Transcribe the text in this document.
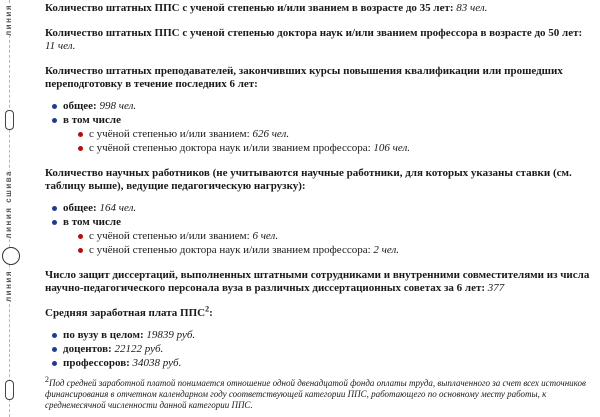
линия
линия сшива
линия
Количество штатных ППС с ученой степенью и/или званием в возрасте до 35 лет: 83 чел.
Количество штатных ППС с ученой степенью доктора наук и/или званием профессора в возрасте до 50 лет: 11 чел.
Количество штатных преподавателей, закончивших курсы повышения квалификации или прошедших переподготовку в течение последних 6 лет:
общее: 998 чел.
в том числе
с учёной степенью и/или званием: 626 чел.
с учёной степенью доктора наук и/или званием профессора: 106 чел.
Количество научных работников (не учитываются научные работники, для которых указаны ставки (см. таблицу выше), ведущие педагогическую нагрузку):
общее: 164 чел.
в том числе
с учёной степенью и/или званием: 6 чел.
с учёной степенью доктора наук и/или званием профессора: 2 чел.
Число защит диссертаций, выполненных штатными сотрудниками и внутренними совместителями из числа научно-педагогического персонала вуза в различных диссертационных советах за 6 лет: 377
Средняя заработная плата ППС$^2$:
по вузу в целом: 19839 руб.
доцентов: 22122 руб.
профессоров: 34038 руб.
$^2$Под средней заработной платой понимается отношение одной двенадцатой фонда оплаты труда, выплаченного за счет всех источников финансирования в отчетном календарном году соответствующей категории ППС, работающего по основному месту работы, к среднемесячной численности данной категории ППС.
